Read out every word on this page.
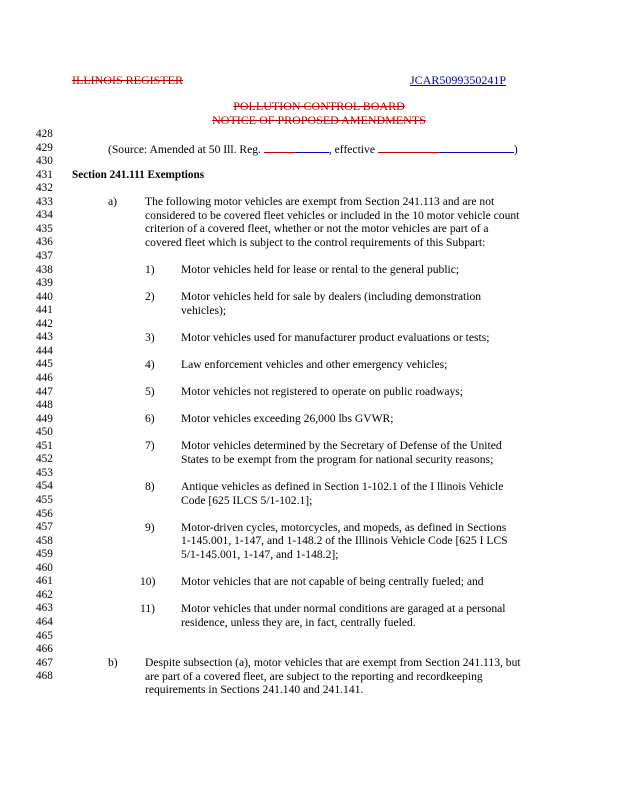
ILLINOIS REGISTER	JCAR5099350241P
POLLUTION CONTROL BOARD
NOTICE OF PROPOSED AMENDMENTS
428
429
430
431
432
433
434
435
436
437
438
439
440
441
442
443
444
445
446
447
448
449
450
451
452
453
454
455
456
457
458
459
460
461
462
463
464
465
466
467
468
(Source: Amended at 50 Ill. Reg.	, effective	)
Section 241.111 Exemptions
a) The following motor vehicles are exempt from Section 241.113 and are not
considered to be covered fleet vehicles or included in the 10 motor vehicle count
criterion of a covered fleet, whether or not the motor vehicles are part of a
covered fleet which is subject to the control requirements of this Subpart:
1) Motor vehicles held for lease or rental to the general public;
2) Motor vehicles held for sale by dealers (including demonstration
vehicles);
3) Motor vehicles used for manufacturer product evaluations or tests;
4) Law enforcement vehicles and other emergency vehicles;
5) Motor vehicles not registered to operate on public roadways;
6) Motor vehicles exceeding 26,000 lbs GVWR;
7) Motor vehicles determined by the Secretary of Defense of the United
States to be exempt from the program for national security reasons;
8) Antique vehicles as defined in Section 1-102.1 of the I llinois Vehicle
Code [625 ILCS 5/1-102.1];
9) Motor-driven cycles, motorcycles, and mopeds, as defined in Sections
1-145.001, 1-147, and 1-148.2 of the Illinois Vehicle Code [625 I LCS
5/1-145.001, 1-147, and 1-148.2];
10) Motor vehicles that are not capable of being centrally fueled; and
11) Motor vehicles that under normal conditions are garaged at a personal
residence, unless they are, in fact, centrally fueled.
b) Despite subsection (a), motor vehicles that are exempt from Section 241.113, but
are part of a covered fleet, are subject to the reporting and recordkeeping
requirements in Sections 241.140 and 241.141.
